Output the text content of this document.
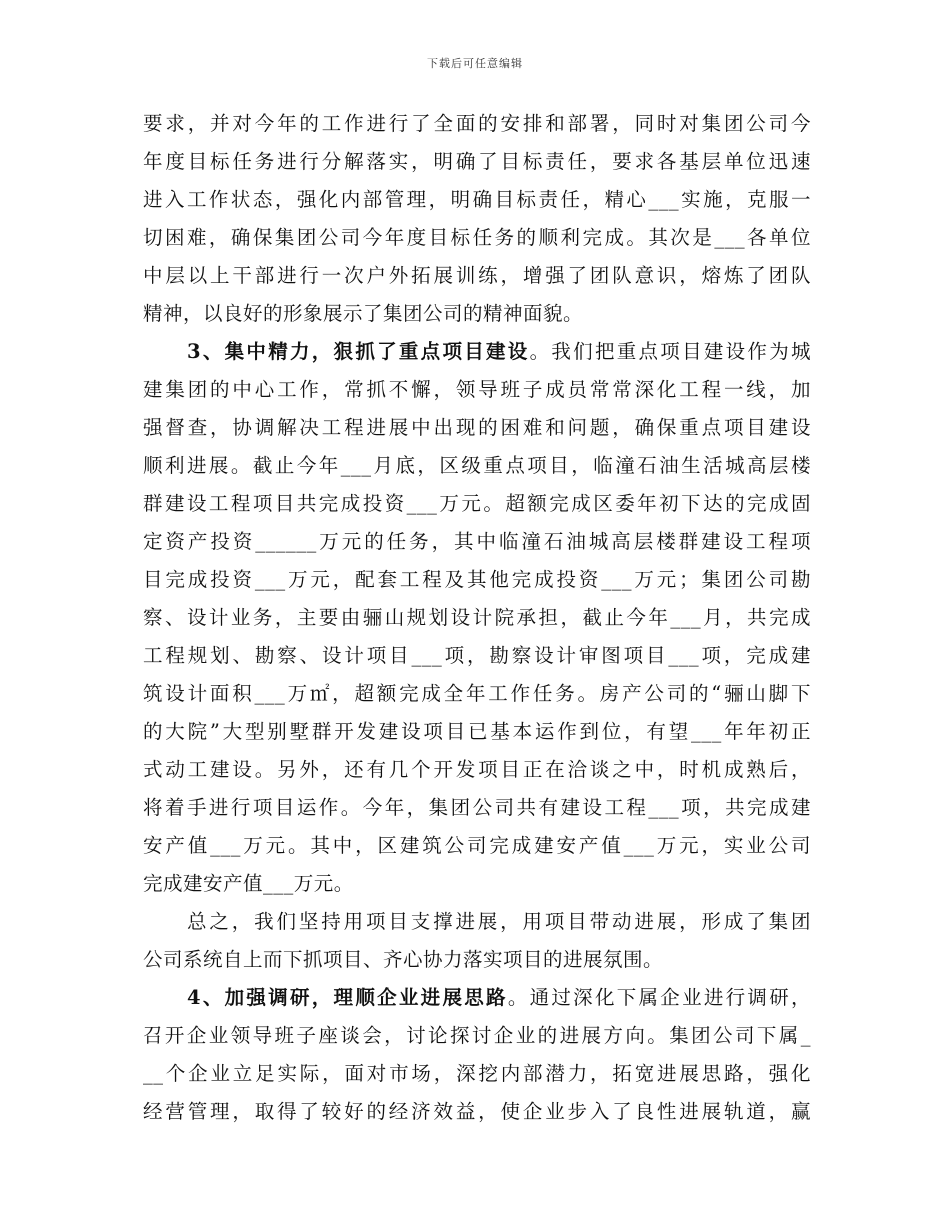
下载后可任意编辑
要求，并对今年的工作进行了全面的安排和部署，同时对集团公司今
年度目标任务进行分解落实，明确了目标责任，要求各基层单位迅速
进入工作状态，强化内部管理，明确目标责任，精心___实施，克服一
切困难，确保集团公司今年度目标任务的顺利完成。其次是___各单位
中层以上干部进行一次户外拓展训练，增强了团队意识，熔炼了团队
精神，以良好的形象展示了集团公司的精神面貌。
3、集中精力，狠抓了重点项目建设。我们把重点项目建设作为城
建集团的中心工作，常抓不懈，领导班子成员常常深化工程一线，加
强督查，协调解决工程进展中出现的困难和问题，确保重点项目建设
顺利进展。截止今年___月底，区级重点项目，临潼石油生活城高层楼
群建设工程项目共完成投资___万元。超额完成区委年初下达的完成固
定资产投资______万元的任务，其中临潼石油城高层楼群建设工程项
目完成投资___万元，配套工程及其他完成投资___万元；集团公司勘
察、设计业务，主要由骊山规划设计院承担，截止今年___月，共完成
工程规划、勘察、设计项目___项，勘察设计审图项目___项，完成建
筑设计面积___万㎡，超额完成全年工作任务。房产公司的“骊山脚下
的大院”大型别墅群开发建设项目已基本运作到位，有望___年年初正
式动工建设。另外，还有几个开发项目正在洽谈之中，时机成熟后，
将着手进行项目运作。今年，集团公司共有建设工程___项，共完成建
安产值___万元。其中，区建筑公司完成建安产值___万元，实业公司
完成建安产值___万元。
总之，我们坚持用项目支撑进展，用项目带动进展，形成了集团
公司系统自上而下抓项目、齐心协力落实项目的进展氛围。
4、加强调研，理顺企业进展思路。通过深化下属企业进行调研，
召开企业领导班子座谈会，讨论探讨企业的进展方向。集团公司下属_
__个企业立足实际，面对市场，深挖内部潜力，拓宽进展思路，强化
经营管理，取得了较好的经济效益，使企业步入了良性进展轨道，赢
